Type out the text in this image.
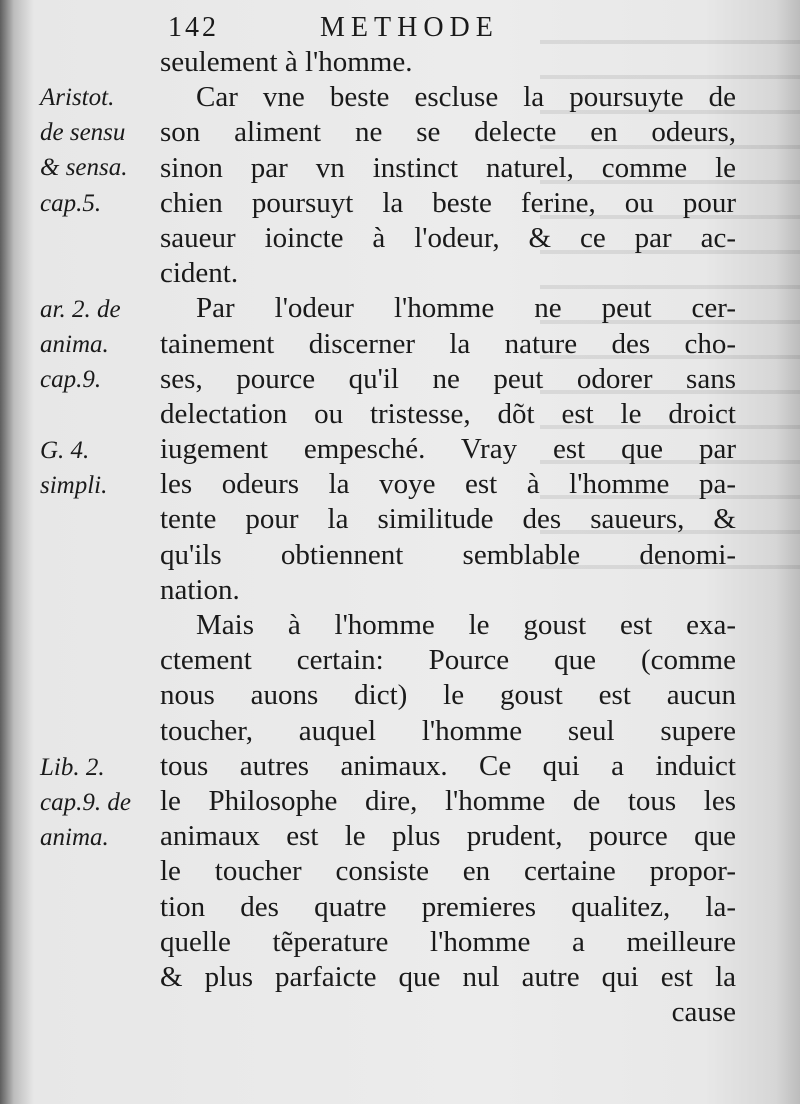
142	METHODE
seulement à l'homme.
Car vne beste escluse la poursuyte de
son aliment ne se delecte en odeurs,
sinon par vn instinct naturel, comme le
chien poursuyt la beste ferine, ou pour
saueur ioincte à l'odeur, & ce par ac-
cident.
Par l'odeur l'homme ne peut cer-
tainement discerner la nature des cho-
ses, pource qu'il ne peut odorer sans
delectation ou tristesse, dõt est le droict
iugement empesché. Vray est que par
les odeurs la voye est à l'homme pa-
tente pour la similitude des saueurs, &
qu'ils obtiennent semblable denomi-
nation.
Mais à l'homme le goust est exa-
ctement certain: Pource que (comme
nous auons dict) le goust est aucun
toucher, auquel l'homme seul supere
tous autres animaux. Ce qui a induict
le Philosophe dire, l'homme de tous les
animaux est le plus prudent, pource que
le toucher consiste en certaine propor-
tion des quatre premieres qualitez, la-
quelle tẽperature l'homme a meilleure
& plus parfaicte que nul autre qui est la
cause
Aristot.
de sensu
& sensa.
cap.5.
ar. 2. de
anima.
cap.9.
G. 4.
simpli.
Lib. 2.
cap.9. de
anima.
